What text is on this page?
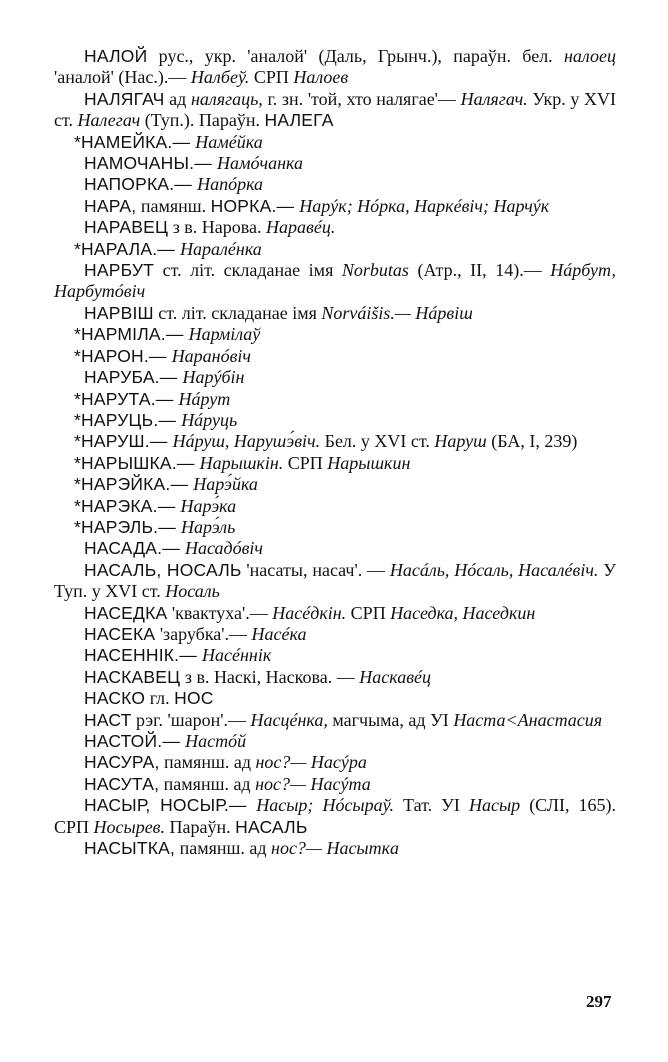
НАЛОЙ рус., укр. 'аналой' (Даль, Грынч.), параўн. бел. налоец 'аналой' (Нас.).— Налбеў. СРП Налоев
НАЛЯГАЧ ад налягаць, г. зн. 'той, хто налягае'— Налягач. Укр. у XVI ст. Налегач (Туп.). Параўн. НАЛЕГА
*НАМЕЙКА.— Намéйка
НАМОЧАНЫ.— Намóчанка
НАПОРКА.— Напóрка
НАРА, памянш. НОРКА.— Нарýк; Нóрка, Наркéвіч; Нарчýк
НАРАВЕЦ з в. Нарова. Наравéц.
*НАРАЛА.— Наралéнка
НАРБУТ ст. літ. складанае імя Norbutas (Атр., II, 14).— Нáрбут, Нарбутóвіч
НАРВІШ ст. літ. складанае імя Norváišis.— Нáрвіш
*НАРМІЛА.— Нармілаў
*НАРОН.— Наранóвіч
НАРУБА.— Нарýбін
*НАРУТА.— Нáрут
*НАРУЦЬ.— Нáруць
*НАРУШ.— Нáруш, Нарушэ́віч. Бел. у XVI ст. Наруш (БА, I, 239)
*НАРЫШКА.— Нарышкін. СРП Нарышкин
*НАРЭЙКА.— Нарэ́йка
*НАРЭКА.— Нарэ́ка
*НАРЭЛЬ.— Нарэ́ль
НАСАДА.— Насадóвіч
НАСАЛЬ, НОСАЛЬ 'насаты, насач'. — Насáль, Нóсаль, Насалéвіч. У Туп. у XVI ст. Носаль
НАСЕДКА 'квактуха'.— Насéдкін. СРП Наседка, Наседкин
НАСЕКА 'зарубка'.— Насéка
НАСЕННІК.— Насéннік
НАСКАВЕЦ з в. Наскі, Наскова. — Наскавéц
НАСКО гл. НОС
НАСТ рэг. 'шарон'.— Насцéнка, магчыма, ад УІ Наста<Анастасия
НАСТОЙ.— Настóй
НАСУРА, памянш. ад нос?— Насýра
НАСУТА, памянш. ад нос?— Насýта
НАСЫР, НОСЫР.— Насыр; Нóсыраў. Тат. УІ Насыр (СЛІ, 165). СРП Носырев. Параўн. НАСАЛЬ
НАСЫТКА, памянш. ад нос?— Насыткa
297
